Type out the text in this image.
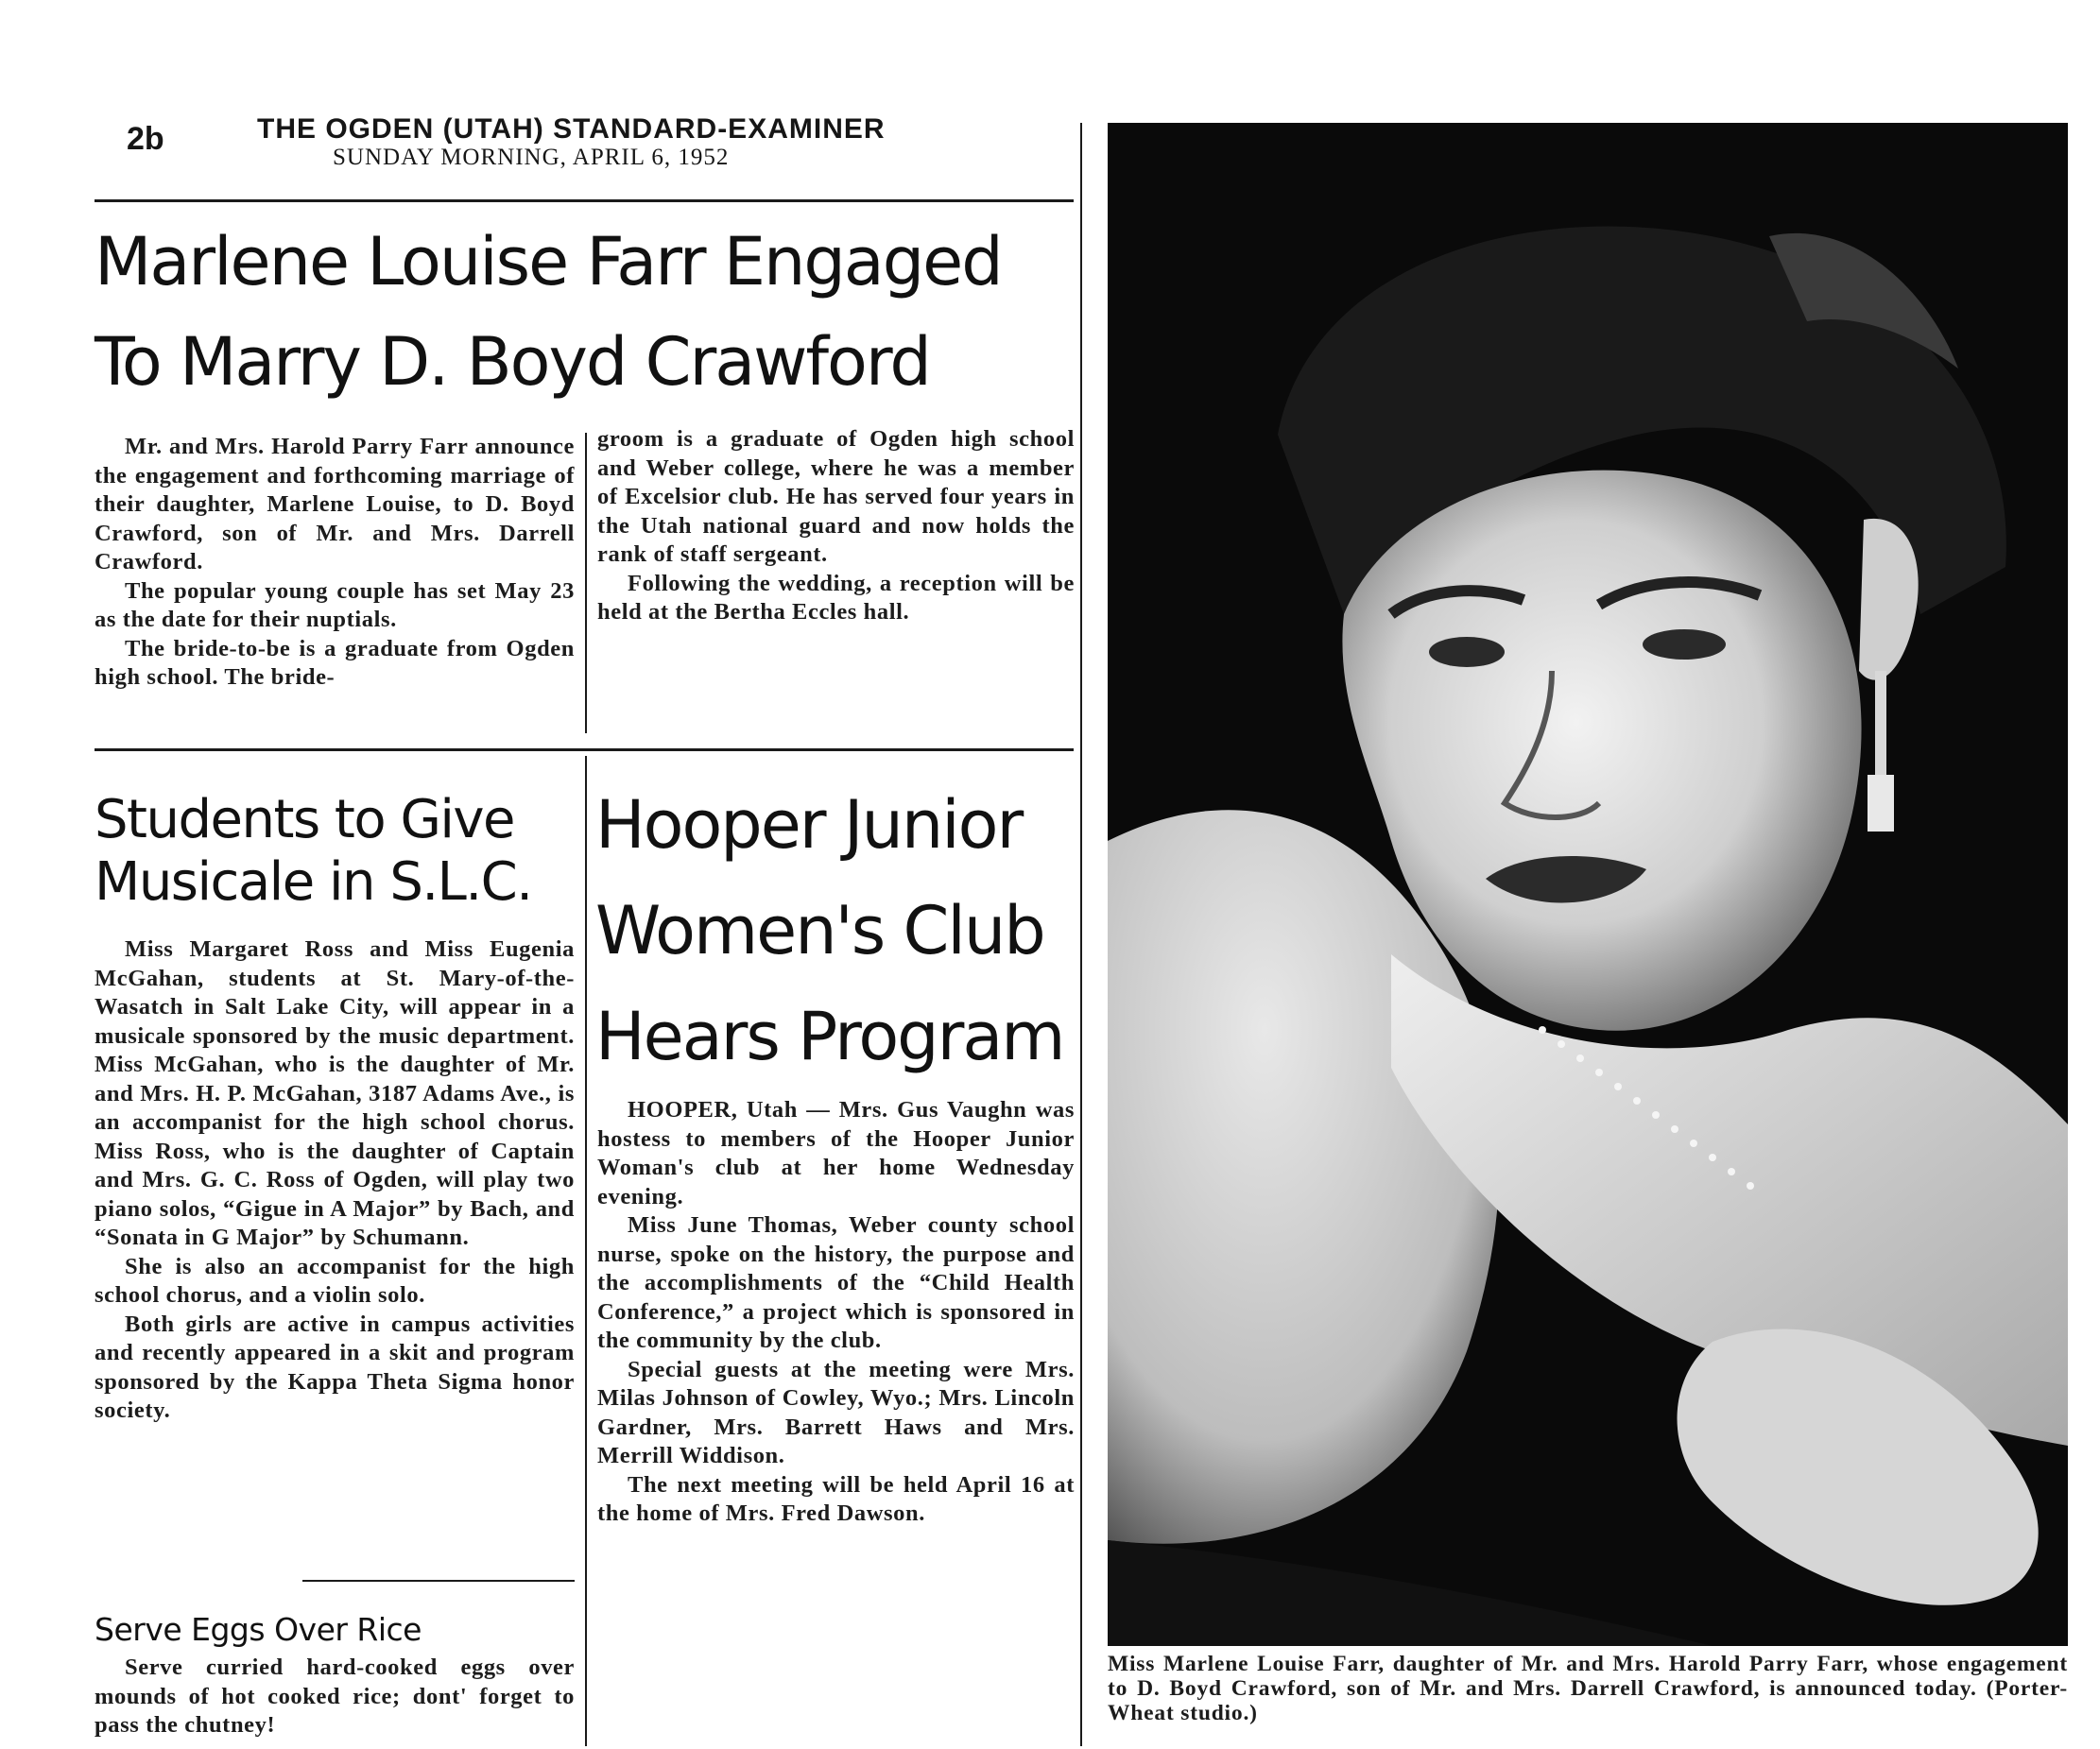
2b	THE OGDEN (UTAH) STANDARD-EXAMINER
SUNDAY MORNING, APRIL 6, 1952
Marlene Louise Farr Engaged
To Marry D. Boyd Crawford

Mr. and Mrs. Harold Parry Farr announce the engagement and forthcoming marriage of their daughter, Marlene Louise, to D. Boyd Crawford, son of Mr. and Mrs. Darrell Crawford.

The popular young couple has set May 23 as the date for their nuptials.

The bride-to-be is a graduate from Ogden high school. The bride-

groom is a graduate of Ogden high school and Weber college, where he was a member of Excelsior club. He has served four years in the Utah national guard and now holds the rank of staff sergeant.

Following the wedding, a reception will be held at the Bertha Eccles hall.

Students to Give
Musicale in S.L.C.

Miss Margaret Ross and Miss Eugenia McGahan, students at St. Mary-of-the-Wasatch in Salt Lake City, will appear in a musicale sponsored by the music department. Miss McGahan, who is the daughter of Mr. and Mrs. H. P. McGahan, 3187 Adams Ave., is an accompanist for the high school chorus. Miss Ross, who is the daughter of Captain and Mrs. G. C. Ross of Ogden, will play two piano solos, “Gigue in A Major” by Bach, and “Sonata in G Major” by Schumann.

She is also an accompanist for the high school chorus, and a violin solo.

Both girls are active in campus activities and recently appeared in a skit and program sponsored by the Kappa Theta Sigma honor society.

Serve Eggs Over Rice

Serve curried hard-cooked eggs over mounds of hot cooked rice; dont' forget to pass the chutney!

Hooper Junior
Women's Club
Hears Program

HOOPER, Utah — Mrs. Gus Vaughn was hostess to members of the Hooper Junior Woman's club at her home Wednesday evening.

Miss June Thomas, Weber county school nurse, spoke on the history, the purpose and the accomplishments of the “Child Health Conference,” a project which is sponsored in the community by the club.

Special guests at the meeting were Mrs. Milas Johnson of Cowley, Wyo.; Mrs. Lincoln Gardner, Mrs. Barrett Haws and Mrs. Merrill Widdison.

The next meeting will be held April 16 at the home of Mrs. Fred Dawson.

Miss Marlene Louise Farr, daughter of Mr. and Mrs. Harold Parry Farr, whose engagement to D. Boyd Crawford, son of Mr. and Mrs. Darrell Crawford, is announced today. (Porter-Wheat studio.)
